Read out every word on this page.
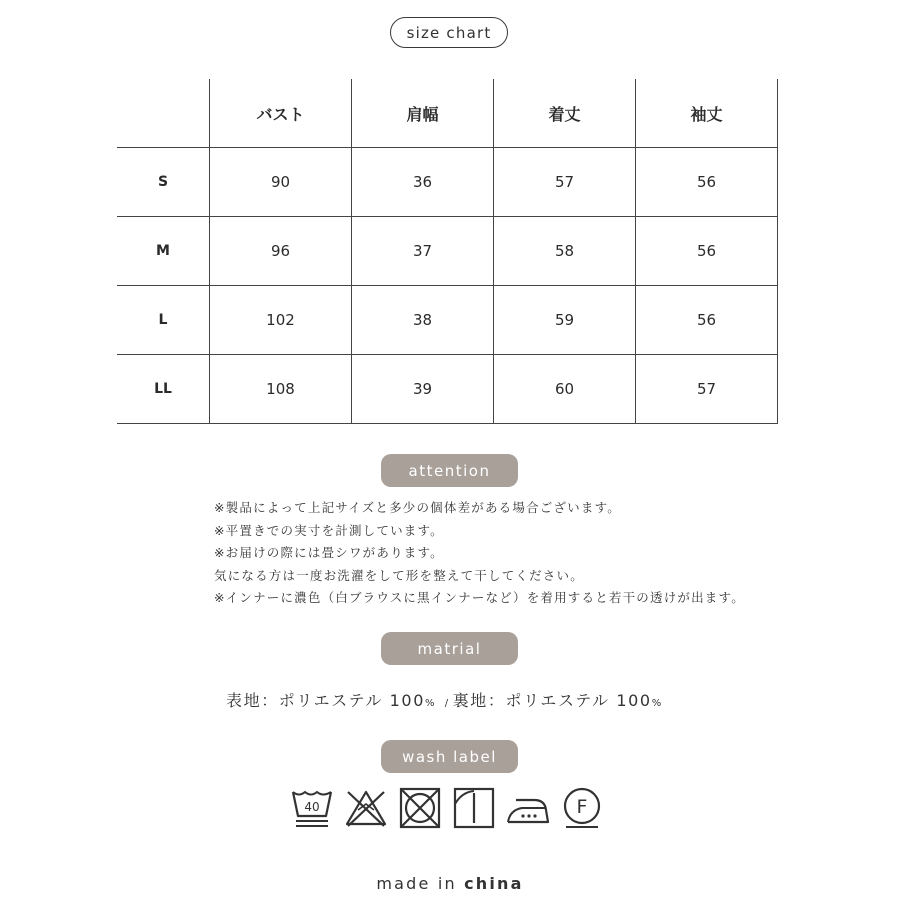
size chart
	バスト	肩幅	着丈	袖丈
S	90	36	57	56
M	96	37	58	56
L	102	38	59	56
LL	108	39	60	57
attention
※製品によって上記サイズと多少の個体差がある場合ございます。
※平置きでの実寸を計測しています。
※お届けの際には畳シワがあります。
気になる方は一度お洗濯をして形を整えて干してください。
※インナーに濃色（白ブラウスに黒インナーなど）を着用すると若干の透けが出ます。
matrial
表地：ポリエステル 100% / 裏地：ポリエステル 100%
wash label
40	F
made in china
